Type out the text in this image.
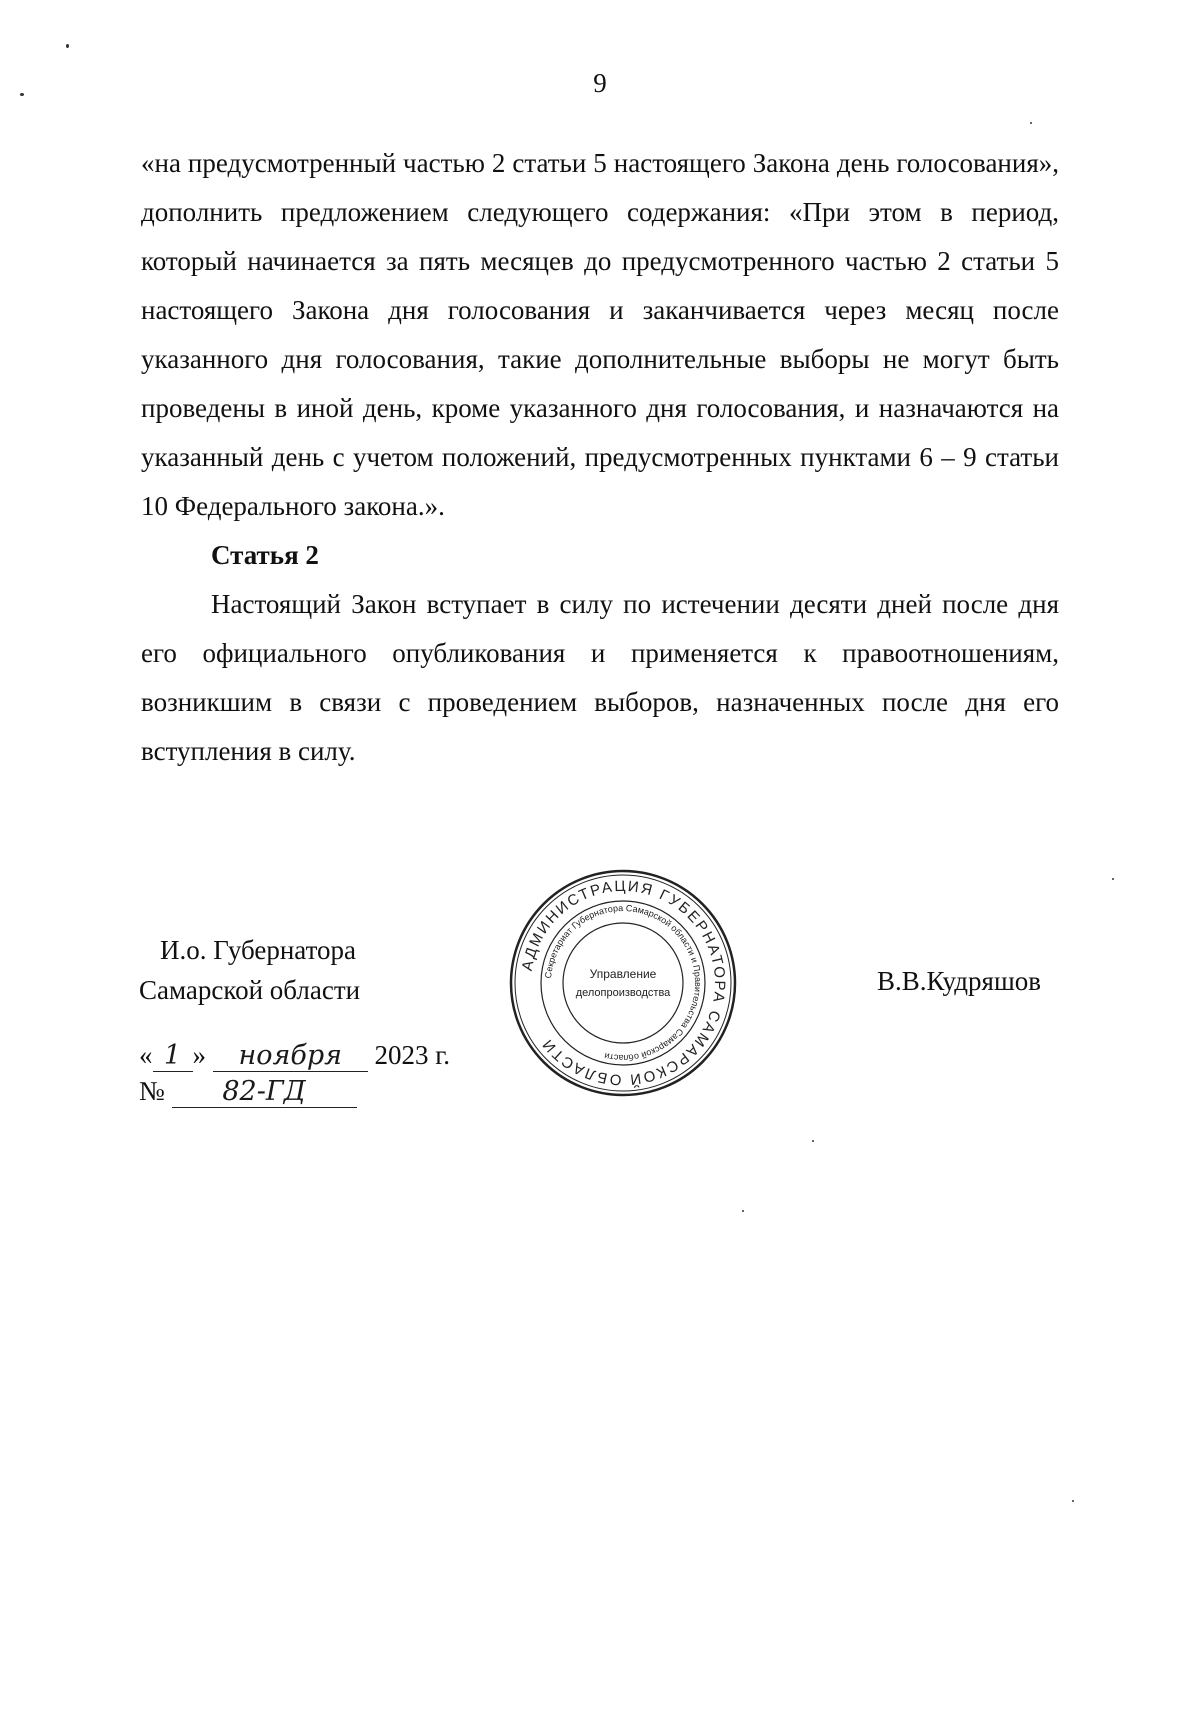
9

«на предусмотренный частью 2 статьи 5 настоящего Закона день голосования», дополнить предложением следующего содержания: «При этом в период, который начинается за пять месяцев до предусмотренного частью 2 статьи 5 настоящего Закона дня голосования и заканчивается через месяц после указанного дня голосования, такие дополнительные выборы не могут быть проведены в иной день, кроме указанного дня голосования, и назначаются на указанный день с учетом положений, предусмотренных пунктами 6 – 9 статьи 10 Федерального закона.».

Статья 2

Настоящий Закон вступает в силу по истечении десяти дней после дня его официального опубликования и применяется к правоотношениям, возникшим в связи с проведением выборов, назначенных после дня его вступления в силу.

И.о. Губернатора
Самарской области	В.В.Кудряшов
« 1 » ноября 2023 г.
№ 82-ГД
АДМИНИСТРАЦИЯ ГУБЕРНАТОРА САМАРСКОЙ ОБЛАСТИ
Секретариат Губернатора Самарской области и Правительства Самарской области
Управление
делопроизводства
